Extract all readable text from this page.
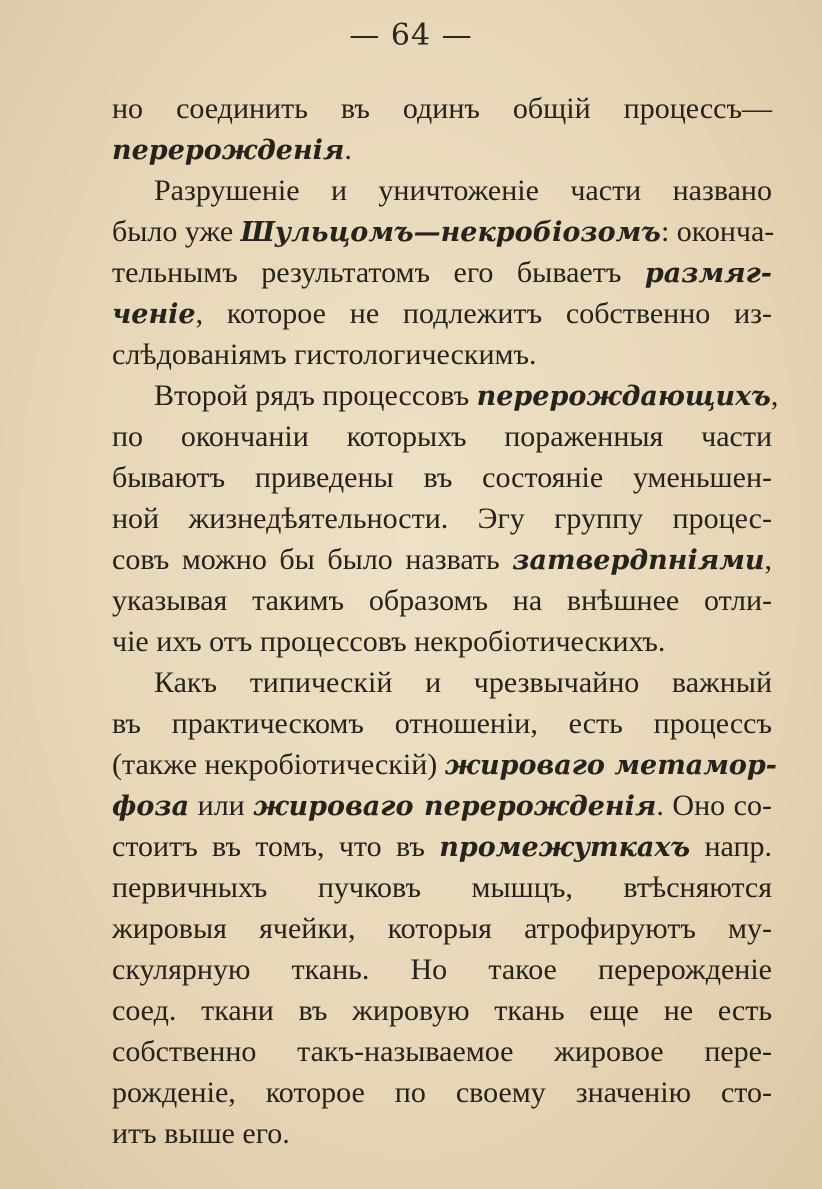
— 64 —
но соединить въ одинъ общій процессъ—
перерожденія.
Разрушеніе и уничтоженіе части названо
было уже Шульцомъ—некробіозомъ: оконча-
тельнымъ результатомъ его бываетъ размяг-
ченіе, которое не подлежитъ собственно из-
слѣдованіямъ гистологическимъ.
Второй рядъ процессовъ перерождающихъ,
по окончаніи которыхъ пораженныя части
бываютъ приведены въ состояніе уменьшен-
ной жизнедѣятельности. Эгу группу процес-
совъ можно бы было назвать затвердпніями,
указывая такимъ образомъ на внѣшнее отли-
чіе ихъ отъ процессовъ некробіотическихъ.
Какъ типическій и чрезвычайно важный
въ практическомъ отношеніи, есть процессъ
(также некробіотическій) жироваго метамор-
фоза или жироваго перерожденія. Оно со-
стоитъ въ томъ, что въ промежуткахъ напр.
первичныхъ пучковъ мышцъ, втѣсняются
жировыя ячейки, которыя атрофируютъ му-
скулярную ткань. Но такое перерожденіе
соед. ткани въ жировую ткань еще не есть
собственно такъ-называемое жировое пере-
рожденіе, которое по своему значенію сто-
итъ выше его.
